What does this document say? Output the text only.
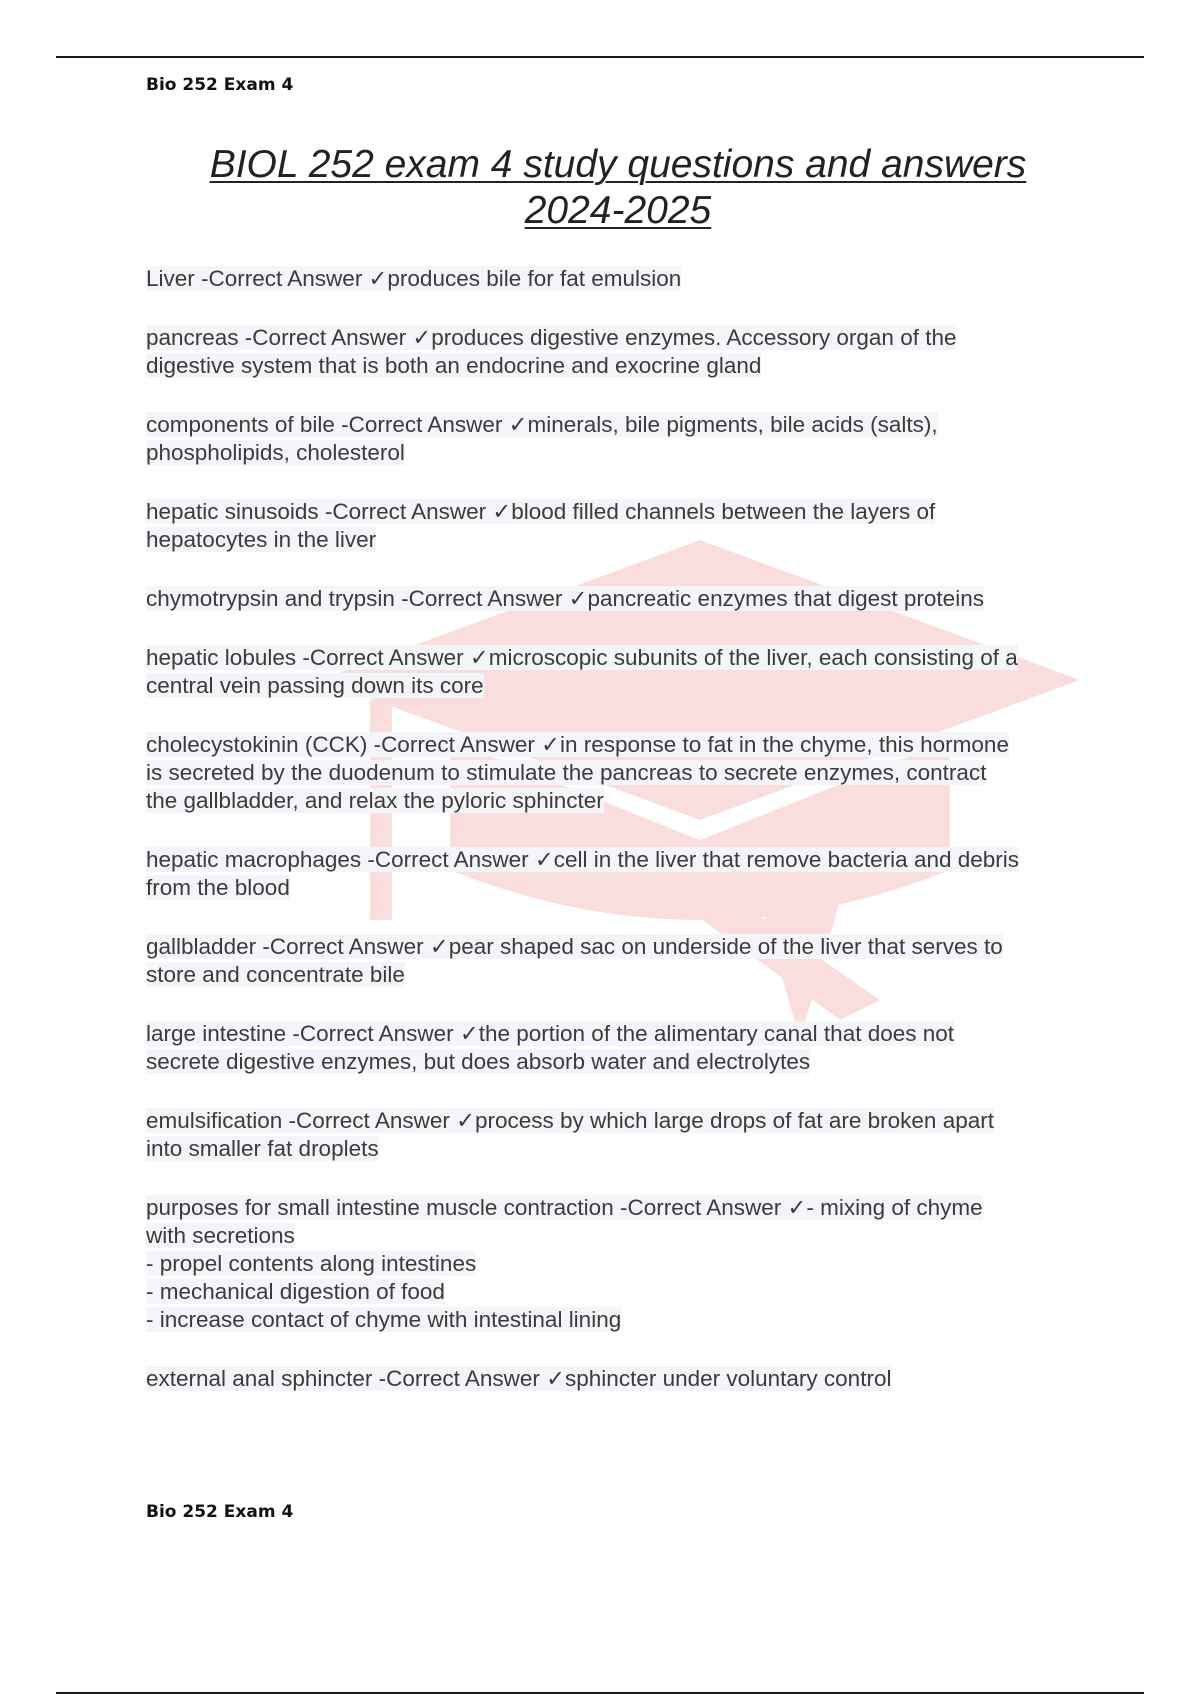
Bio 252 Exam 4
BIOL 252 exam 4 study questions and answers
2024-2025

Liver -Correct Answer ✓produces bile for fat emulsion

pancreas -Correct Answer ✓produces digestive enzymes. Accessory organ of the
digestive system that is both an endocrine and exocrine gland

components of bile -Correct Answer ✓minerals, bile pigments, bile acids (salts),
phospholipids, cholesterol

hepatic sinusoids -Correct Answer ✓blood filled channels between the layers of
hepatocytes in the liver

chymotrypsin and trypsin -Correct Answer ✓pancreatic enzymes that digest proteins

hepatic lobules -Correct Answer ✓microscopic subunits of the liver, each consisting of a
central vein passing down its core

cholecystokinin (CCK) -Correct Answer ✓in response to fat in the chyme, this hormone
is secreted by the duodenum to stimulate the pancreas to secrete enzymes, contract
the gallbladder, and relax the pyloric sphincter

hepatic macrophages -Correct Answer ✓cell in the liver that remove bacteria and debris
from the blood

gallbladder -Correct Answer ✓pear shaped sac on underside of the liver that serves to
store and concentrate bile

large intestine -Correct Answer ✓the portion of the alimentary canal that does not
secrete digestive enzymes, but does absorb water and electrolytes

emulsification -Correct Answer ✓process by which large drops of fat are broken apart
into smaller fat droplets

purposes for small intestine muscle contraction -Correct Answer ✓- mixing of chyme
with secretions
- propel contents along intestines
- mechanical digestion of food
- increase contact of chyme with intestinal lining

external anal sphincter -Correct Answer ✓sphincter under voluntary control

Bio 252 Exam 4
